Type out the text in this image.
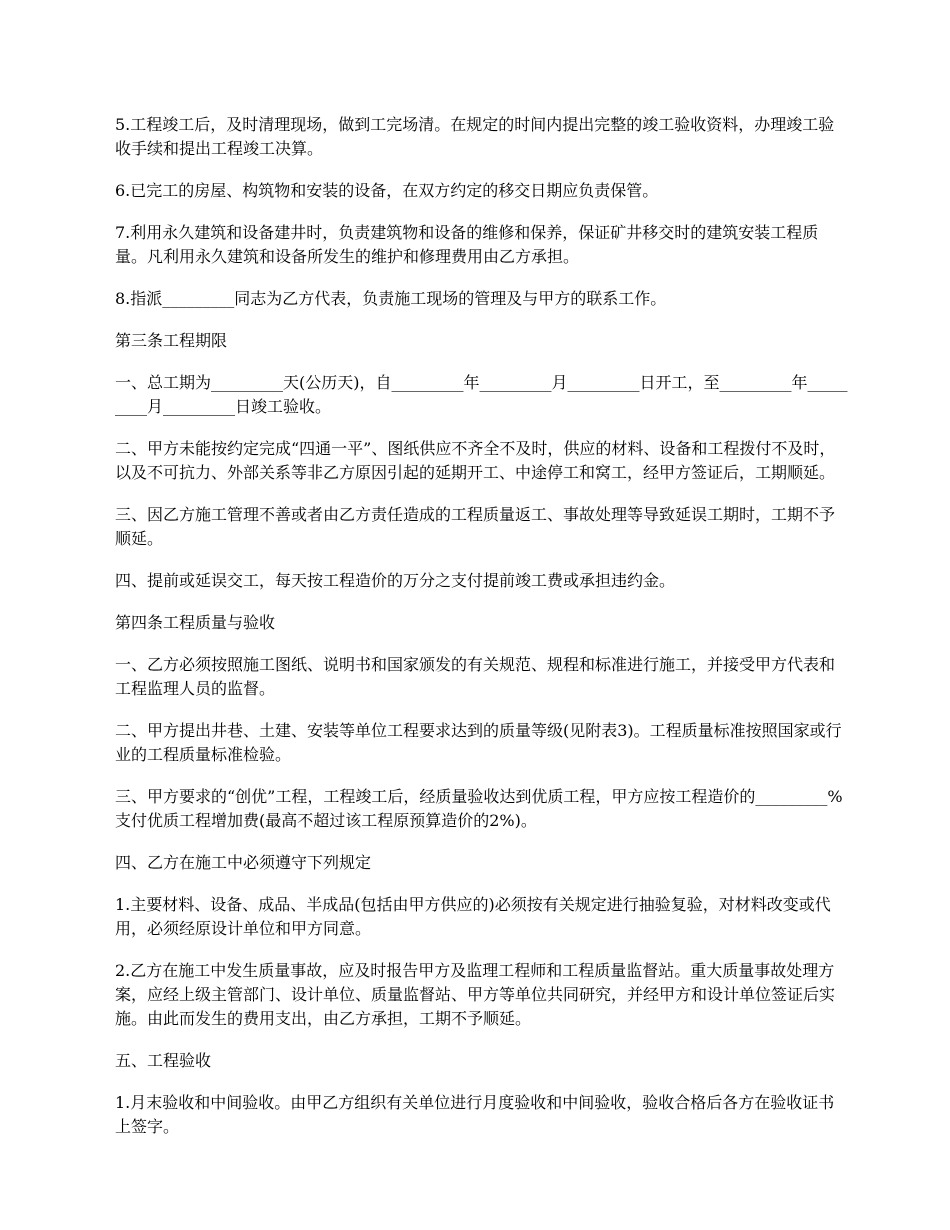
5.工程竣工后，及时清理现场，做到工完场清。在规定的时间内提出完整的竣工验收资料，办理竣工验收手续和提出工程竣工决算。

6.已完工的房屋、构筑物和安装的设备，在双方约定的移交日期应负责保管。

7.利用永久建筑和设备建井时，负责建筑物和设备的维修和保养，保证矿井移交时的建筑安装工程质量。凡利用永久建筑和设备所发生的维护和修理费用由乙方承担。

8.指派_________同志为乙方代表，负责施工现场的管理及与甲方的联系工作。

第三条工程期限

一、总工期为_________天(公历天)，自_________年_________月_________日开工，至_________年_________月_________日竣工验收。

二、甲方未能按约定完成“四通一平”、图纸供应不齐全不及时，供应的材料、设备和工程拨付不及时，以及不可抗力、外部关系等非乙方原因引起的延期开工、中途停工和窝工，经甲方签证后，工期顺延。

三、因乙方施工管理不善或者由乙方责任造成的工程质量返工、事故处理等导致延误工期时，工期不予顺延。

四、提前或延误交工，每天按工程造价的万分之支付提前竣工费或承担违约金。

第四条工程质量与验收

一、乙方必须按照施工图纸、说明书和国家颁发的有关规范、规程和标准进行施工，并接受甲方代表和工程监理人员的监督。

二、甲方提出井巷、土建、安装等单位工程要求达到的质量等级(见附表3)。工程质量标准按照国家或行业的工程质量标准检验。

三、甲方要求的“创优”工程，工程竣工后，经质量验收达到优质工程，甲方应按工程造价的_________%支付优质工程增加费(最高不超过该工程原预算造价的2%)。

四、乙方在施工中必须遵守下列规定

1.主要材料、设备、成品、半成品(包括由甲方供应的)必须按有关规定进行抽验复验，对材料改变或代用，必须经原设计单位和甲方同意。

2.乙方在施工中发生质量事故，应及时报告甲方及监理工程师和工程质量监督站。重大质量事故处理方案，应经上级主管部门、设计单位、质量监督站、甲方等单位共同研究，并经甲方和设计单位签证后实施。由此而发生的费用支出，由乙方承担，工期不予顺延。

五、工程验收

1.月末验收和中间验收。由甲乙方组织有关单位进行月度验收和中间验收，验收合格后各方在验收证书上签字。
